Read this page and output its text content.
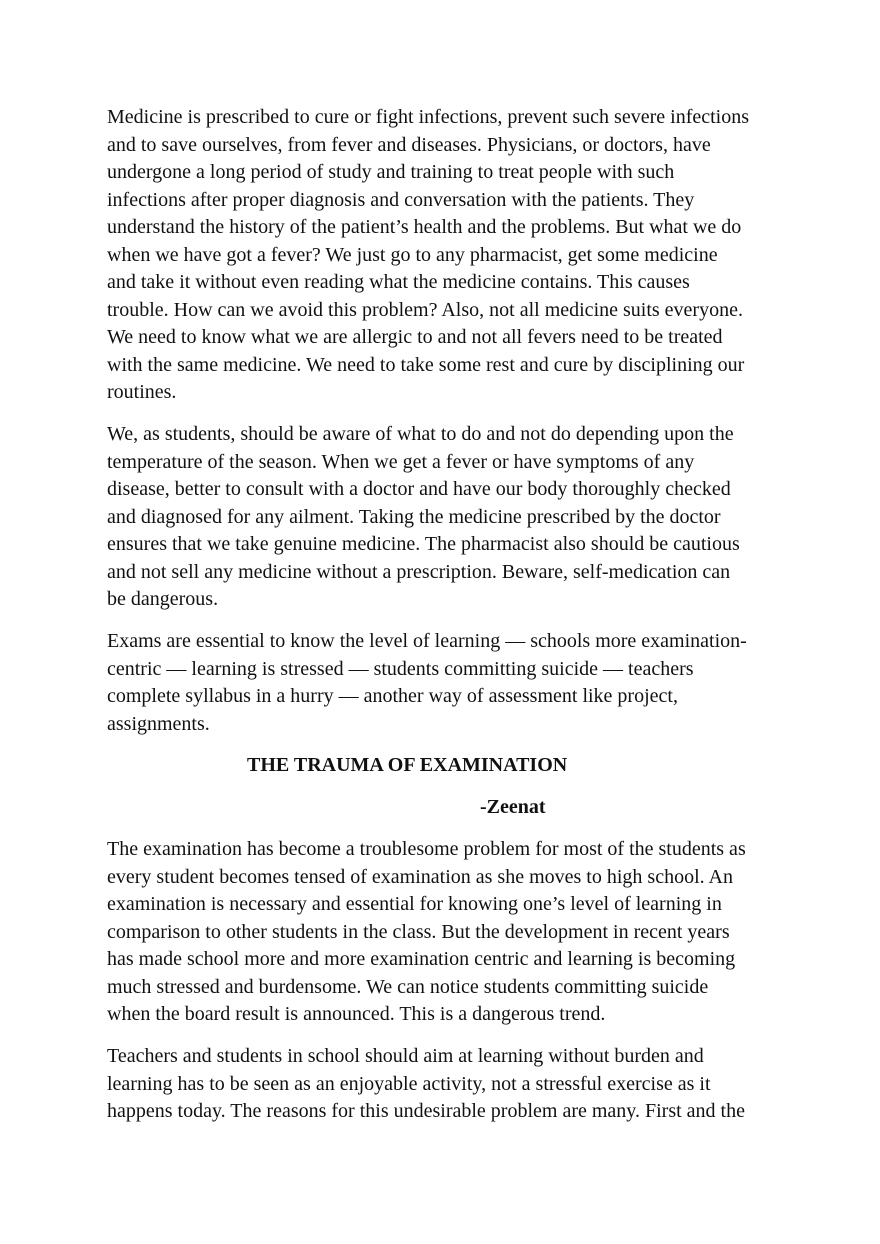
Medicine is prescribed to cure or fight infections, prevent such severe infections
and to save ourselves, from fever and diseases. Physicians, or doctors, have
undergone a long period of study and training to treat people with such
infections after proper diagnosis and conversation with the patients. They
understand the history of the patient’s health and the problems. But what we do
when we have got a fever? We just go to any pharmacist, get some medicine
and take it without even reading what the medicine contains. This causes
trouble. How can we avoid this problem? Also, not all medicine suits everyone.
We need to know what we are allergic to and not all fevers need to be treated
with the same medicine. We need to take some rest and cure by disciplining our
routines.
We, as students, should be aware of what to do and not do depending upon the
temperature of the season. When we get a fever or have symptoms of any
disease, better to consult with a doctor and have our body thoroughly checked
and diagnosed for any ailment. Taking the medicine prescribed by the doctor
ensures that we take genuine medicine. The pharmacist also should be cautious
and not sell any medicine without a prescription. Beware, self-medication can
be dangerous.
Exams are essential to know the level of learning — schools more examination-
centric — learning is stressed — students committing suicide — teachers
complete syllabus in a hurry — another way of assessment like project,
assignments.
THE TRAUMA OF EXAMINATION
-Zeenat
The examination has become a troublesome problem for most of the students as
every student becomes tensed of examination as she moves to high school. An
examination is necessary and essential for knowing one’s level of learning in
comparison to other students in the class. But the development in recent years
has made school more and more examination centric and learning is becoming
much stressed and burdensome. We can notice students committing suicide
when the board result is announced. This is a dangerous trend.
Teachers and students in school should aim at learning without burden and
learning has to be seen as an enjoyable activity, not a stressful exercise as it
happens today. The reasons for this undesirable problem are many. First and the
